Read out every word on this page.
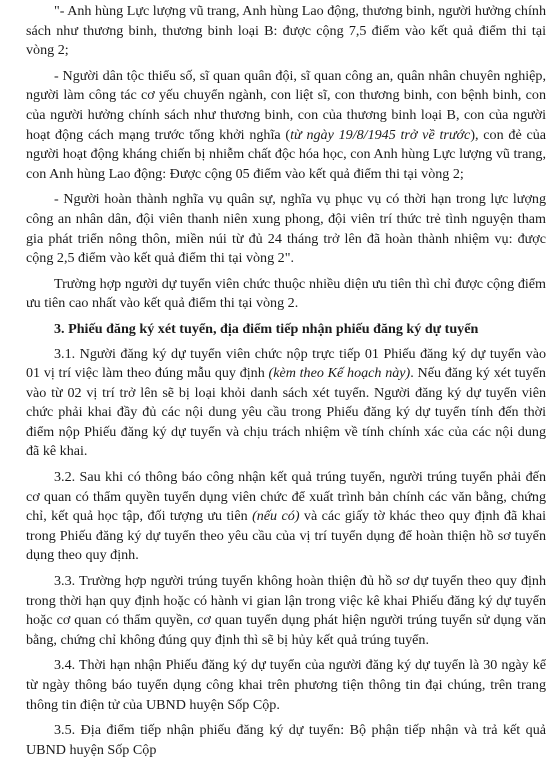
"- Anh hùng Lực lượng vũ trang, Anh hùng Lao động, thương binh, người hưởng chính sách như thương binh, thương binh loại B: được cộng 7,5 điểm vào kết quả điểm thi tại vòng 2;

- Người dân tộc thiểu số, sĩ quan quân đội, sĩ quan công an, quân nhân chuyên nghiệp, người làm công tác cơ yếu chuyển ngành, con liệt sĩ, con thương binh, con bệnh binh, con của người hưởng chính sách như thương binh, con của thương binh loại B, con của người hoạt động cách mạng trước tổng khởi nghĩa (từ ngày 19/8/1945 trở về trước), con đẻ của người hoạt động kháng chiến bị nhiễm chất độc hóa học, con Anh hùng Lực lượng vũ trang, con Anh hùng Lao động: Được cộng 05 điểm vào kết quả điểm thi tại vòng 2;

- Người hoàn thành nghĩa vụ quân sự, nghĩa vụ phục vụ có thời hạn trong lực lượng công an nhân dân, đội viên thanh niên xung phong, đội viên trí thức trẻ tình nguyện tham gia phát triển nông thôn, miền núi từ đủ 24 tháng trở lên đã hoàn thành nhiệm vụ: được cộng 2,5 điểm vào kết quả điểm thi tại vòng 2".

Trường hợp người dự tuyển viên chức thuộc nhiều diện ưu tiên thì chỉ được cộng điểm ưu tiên cao nhất vào kết quả điểm thi tại vòng 2.

3. Phiếu đăng ký xét tuyển, địa điểm tiếp nhận phiếu đăng ký dự tuyển

3.1. Người đăng ký dự tuyển viên chức nộp trực tiếp 01 Phiếu đăng ký dự tuyển vào 01 vị trí việc làm theo đúng mẫu quy định (kèm theo Kế hoạch này). Nếu đăng ký xét tuyển vào từ 02 vị trí trở lên sẽ bị loại khỏi danh sách xét tuyển. Người đăng ký dự tuyển viên chức phải khai đầy đủ các nội dung yêu cầu trong Phiếu đăng ký dự tuyển tính đến thời điểm nộp Phiếu đăng ký dự tuyển và chịu trách nhiệm về tính chính xác của các nội dung đã kê khai.

3.2. Sau khi có thông báo công nhận kết quả trúng tuyển, người trúng tuyển phải đến cơ quan có thẩm quyền tuyển dụng viên chức để xuất trình bản chính các văn bằng, chứng chỉ, kết quả học tập, đối tượng ưu tiên (nếu có) và các giấy tờ khác theo quy định đã khai trong Phiếu đăng ký dự tuyển theo yêu cầu của vị trí tuyển dụng để hoàn thiện hồ sơ tuyển dụng theo quy định.

3.3. Trường hợp người trúng tuyển không hoàn thiện đủ hồ sơ dự tuyển theo quy định trong thời hạn quy định hoặc có hành vi gian lận trong việc kê khai Phiếu đăng ký dự tuyển hoặc cơ quan có thẩm quyền, cơ quan tuyển dụng phát hiện người trúng tuyển sử dụng văn bằng, chứng chỉ không đúng quy định thì sẽ bị hủy kết quả trúng tuyển.

3.4. Thời hạn nhận Phiếu đăng ký dự tuyển của người đăng ký dự tuyển là 30 ngày kể từ ngày thông báo tuyển dụng công khai trên phương tiện thông tin đại chúng, trên trang thông tin điện tử của UBND huyện Sốp Cộp.

3.5. Địa điểm tiếp nhận phiếu đăng ký dự tuyển: Bộ phận tiếp nhận và trả kết quả UBND huyện Sốp Cộp
